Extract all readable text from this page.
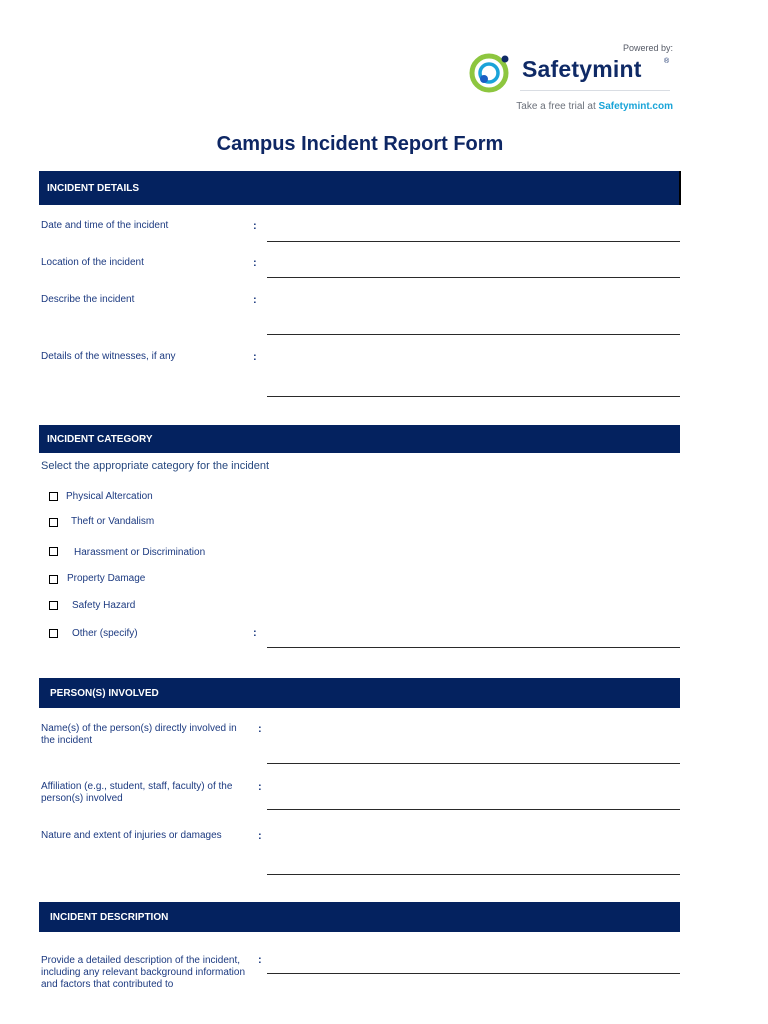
Powered by:
Safetymint	®
Take a free trial at Safetymint.com
Campus Incident Report Form
INCIDENT DETAILS
Date and time of the incident	:
Location of the incident	:
Describe the incident	:
Details of the witnesses, if any	:
INCIDENT CATEGORY
Select the appropriate category for the incident
Physical Altercation
Theft or Vandalism
Harassment or Discrimination
Property Damage
Safety Hazard
Other (specify)	:
PERSON(S) INVOLVED
Name(s) of the person(s) directly involved in the incident
:
Affiliation (e.g., student, staff, faculty) of the person(s) involved
:
Nature and extent of injuries or damages	:
INCIDENT DESCRIPTION
Provide a detailed description of the incident, including any relevant background information and factors that contributed to
:
